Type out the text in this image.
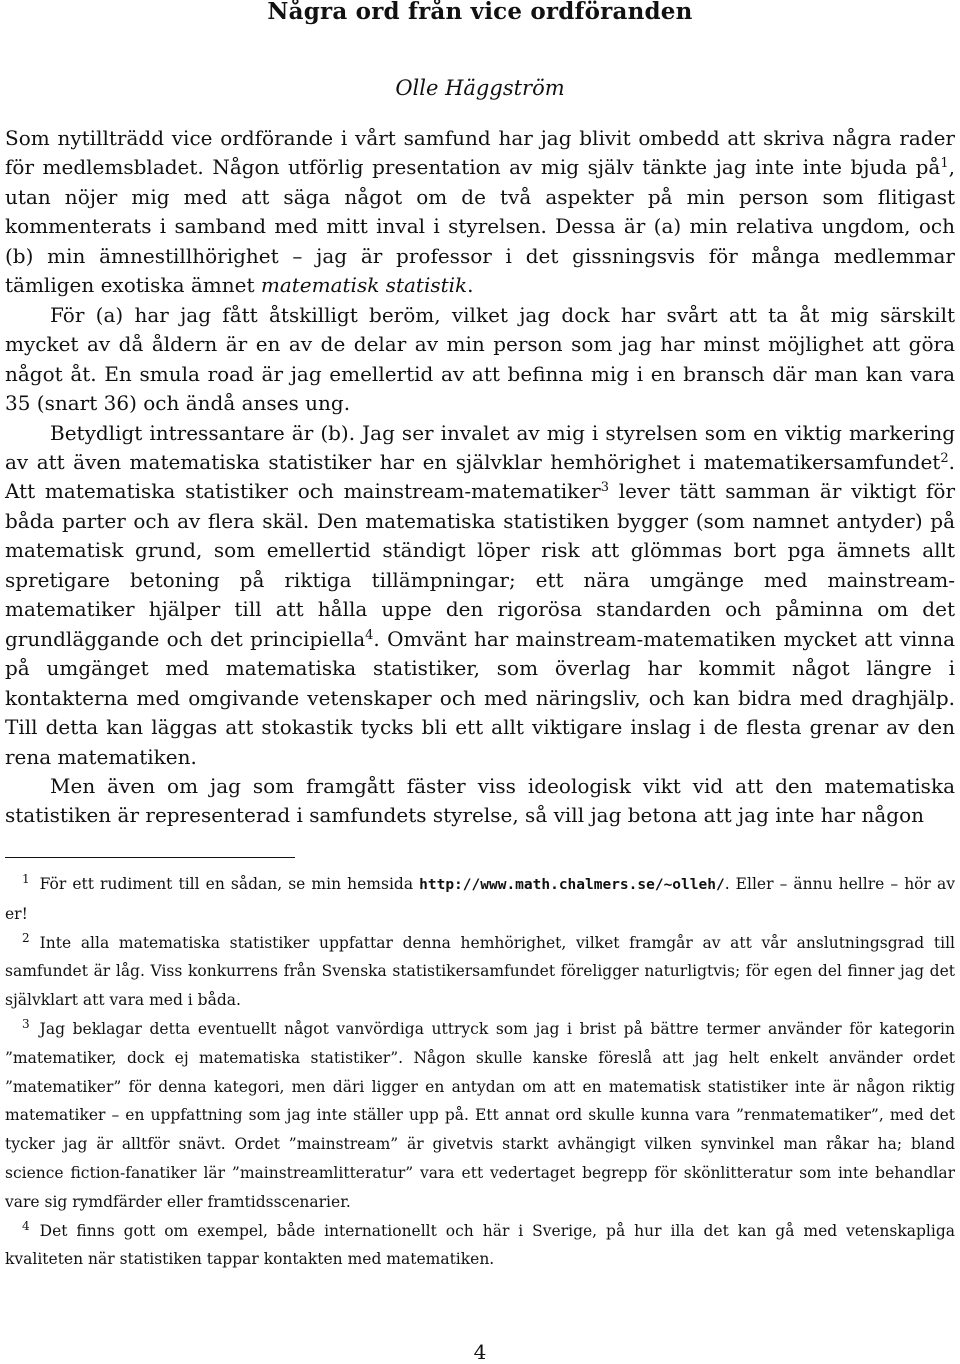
Några ord från vice ordföranden
Olle Häggström

Som nytillträdd vice ordförande i vårt samfund har jag blivit ombedd att skriva några rader för medlemsbladet. Någon utförlig presentation av mig själv tänkte jag inte inte bjuda $på^1$, utan nöjer mig med att säga något om de två aspekter på min person som flitigast kommenterats i samband med mitt inval i styrelsen. Dessa är (a) min relativa ungdom, och (b) min ämnestillhörighet – jag är professor i det gissningsvis för många medlemmar tämligen exotiska ämnet matematisk statistik.

För (a) har jag fått åtskilligt beröm, vilket jag dock har svårt att ta åt mig särskilt mycket av då åldern är en av de delar av min person som jag har minst möjlighet att göra något åt. En smula road är jag emellertid av att befinna mig i en bransch där man kan vara 35 (snart 36) och ändå anses ung.

Betydligt intressantare är (b). Jag ser invalet av mig i styrelsen som en viktig markering av att även matematiska statistiker har en självklar hemhörighet i matematikersamfundet$^2$. Att matematiska statistiker och mainstream-matematiker$^3$ lever tätt samman är viktigt för båda parter och av flera skäl. Den matematiska statistiken bygger (som namnet antyder) på matematisk grund, som emellertid ständigt löper risk att glömmas bort pga ämnets allt spretigare betoning på riktiga tillämpningar; ett nära umgänge med mainstream-matematiker hjälper till att hålla uppe den rigorösa standarden och påminna om det grundläggande och det principiella$^4$. Omvänt har mainstream-matematiken mycket att vinna på umgänget med matematiska statistiker, som överlag har kommit något längre i kontakterna med omgivande vetenskaper och med näringsliv, och kan bidra med draghjälp. Till detta kan läggas att stokastik tycks bli ett allt viktigare inslag i de flesta grenar av den rena matematiken.

Men även om jag som framgått fäster viss ideologisk vikt vid att den matematiska statistiken är representerad i samfundets styrelse, så vill jag betona att jag inte har någon

$^1$ För ett rudiment till en sådan, se min hemsida http://www.math.chalmers.se/~olleh/. Eller – ännu hellre – hör av er!

$^2$ Inte alla matematiska statistiker uppfattar denna hemhörighet, vilket framgår av att vår anslutningsgrad till samfundet är låg. Viss konkurrens från Svenska statistikersamfundet föreligger naturligtvis; för egen del finner jag det självklart att vara med i båda.

$^3$ Jag beklagar detta eventuellt något vanvördiga uttryck som jag i brist på bättre termer använder för kategorin ”matematiker, dock ej matematiska statistiker”. Någon skulle kanske föreslå att jag helt enkelt använder ordet ”matematiker” för denna kategori, men däri ligger en antydan om att en matematisk statistiker inte är någon riktig matematiker – en uppfattning som jag inte ställer upp på. Ett annat ord skulle kunna vara ”renmatematiker”, med det tycker jag är alltför snävt. Ordet ”mainstream” är givetvis starkt avhängigt vilken synvinkel man råkar ha; bland science fiction-fanatiker lär ”mainstreamlitteratur” vara ett vedertaget begrepp för skönlitteratur som inte behandlar vare sig rymdfärder eller framtidsscenarier.

$^4$ Det finns gott om exempel, både internationellt och här i Sverige, på hur illa det kan gå med vetenskapliga kvaliteten när statistiken tappar kontakten med matematiken.

4
